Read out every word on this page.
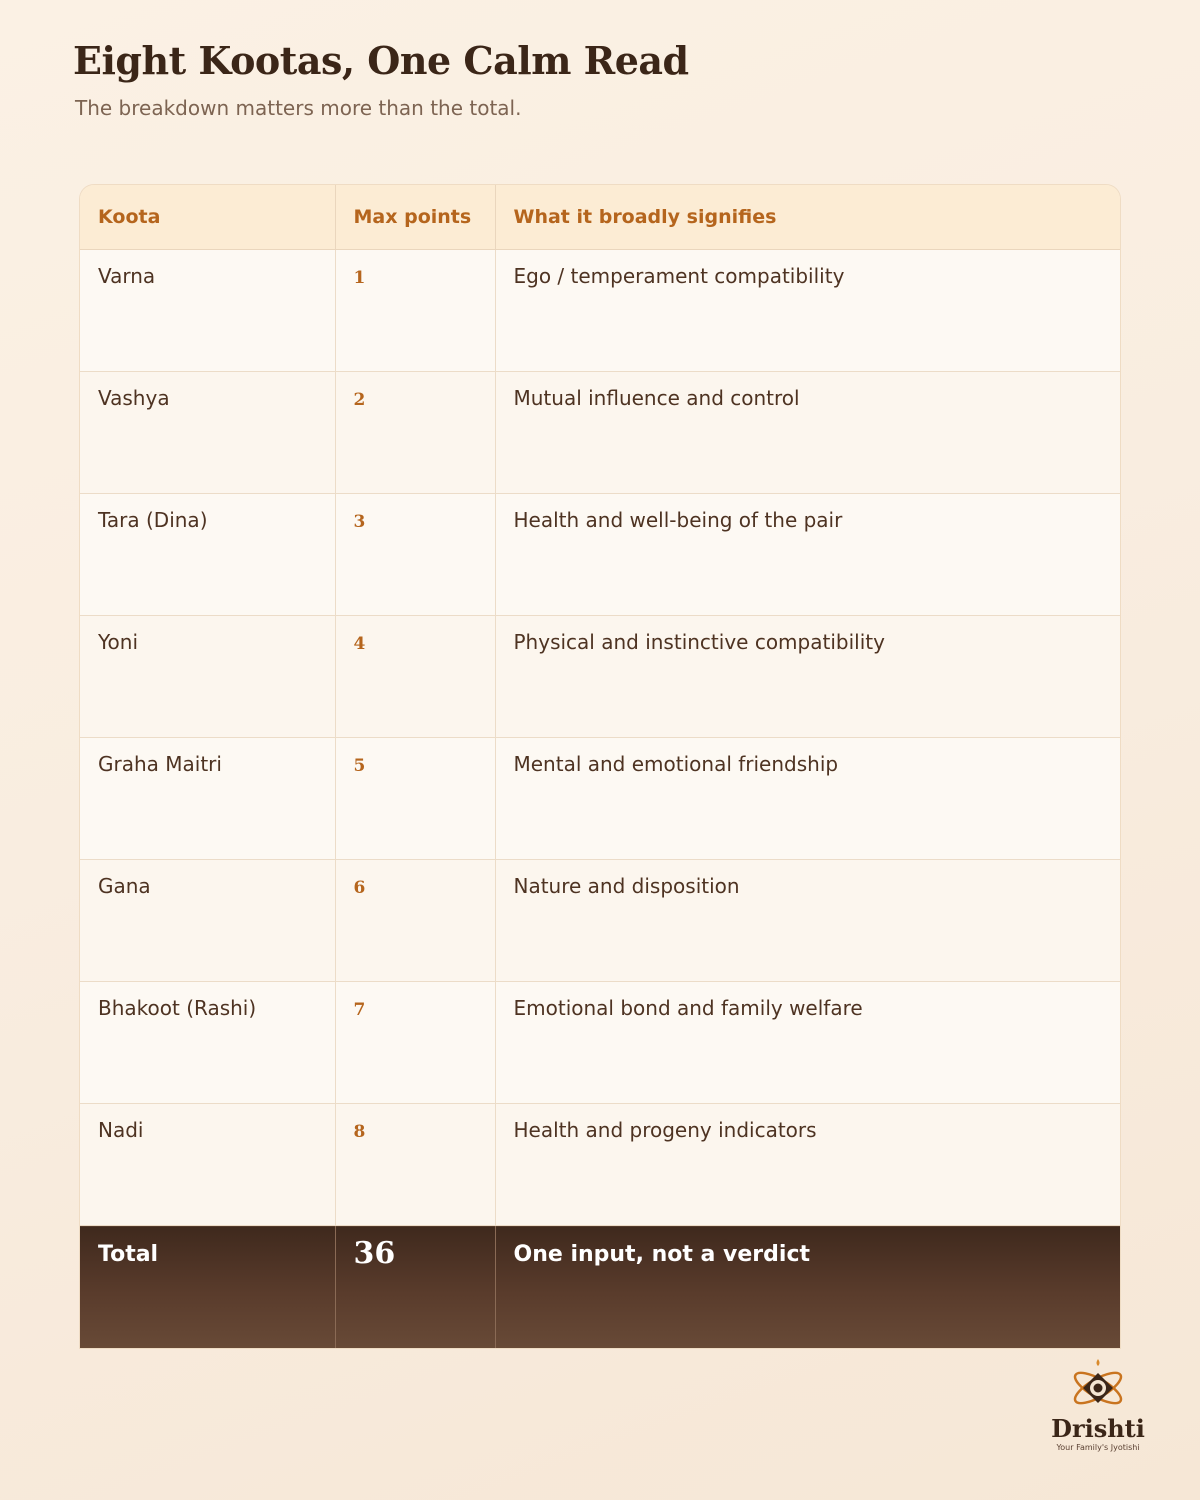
Eight Kootas, One Calm Read

The breakdown matters more than the total.

Koota	Max points	What it broadly signifies
Varna	1	Ego / temperament compatibility
Vashya	2	Mutual influence and control
Tara (Dina)	3	Health and well-being of the pair
Yoni	4	Physical and instinctive compatibility
Graha Maitri	5	Mental and emotional friendship
Gana	6	Nature and disposition
Bhakoot (Rashi)	7	Emotional bond and family welfare
Nadi	8	Health and progeny indicators
Total	36	One input, not a verdict
Drishti
Your Family's Jyotishi
